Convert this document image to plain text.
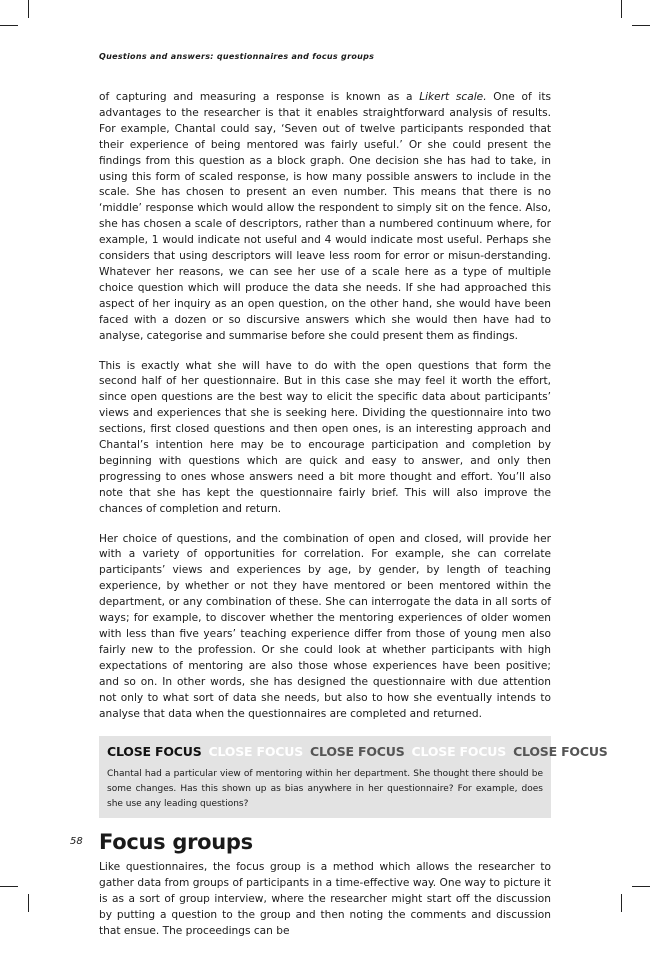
Questions and answers: questionnaires and focus groups

of capturing and measuring a response is known as a Likert scale. One of its advantages to the researcher is that it enables straightforward analysis of results. For example, Chantal could say, ‘Seven out of twelve participants responded that their experience of being mentored was fairly useful.’ Or she could present the findings from this question as a block graph. One decision she has had to take, in using this form of scaled response, is how many possible answers to include in the scale. She has chosen to present an even number. This means that there is no ‘middle’ response which would allow the respondent to simply sit on the fence. Also, she has chosen a scale of descriptors, rather than a numbered continuum where, for example, 1 would indicate not useful and 4 would indicate most useful. Perhaps she considers that using descriptors will leave less room for error or misun-derstanding. Whatever her reasons, we can see her use of a scale here as a type of multiple choice question which will produce the data she needs. If she had approached this aspect of her inquiry as an open question, on the other hand, she would have been faced with a dozen or so discursive answers which she would then have had to analyse, categorise and summarise before she could present them as findings.

This is exactly what she will have to do with the open questions that form the second half of her questionnaire. But in this case she may feel it worth the effort, since open questions are the best way to elicit the specific data about participants’ views and experiences that she is seeking here. Dividing the questionnaire into two sections, first closed questions and then open ones, is an interesting approach and Chantal’s intention here may be to encourage participation and completion by beginning with questions which are quick and easy to answer, and only then progressing to ones whose answers need a bit more thought and effort. You’ll also note that she has kept the questionnaire fairly brief. This will also improve the chances of completion and return.

Her choice of questions, and the combination of open and closed, will provide her with a variety of opportunities for correlation. For example, she can correlate participants’ views and experiences by age, by gender, by length of teaching experience, by whether or not they have mentored or been mentored within the department, or any combination of these. She can interrogate the data in all sorts of ways; for example, to discover whether the mentoring experiences of older women with less than five years’ teaching experience differ from those of young men also fairly new to the profession. Or she could look at whether participants with high expectations of mentoring are also those whose experiences have been positive; and so on. In other words, she has designed the questionnaire with due attention not only to what sort of data she needs, but also to how she eventually intends to analyse that data when the questionnaires are completed and returned.

CLOSE FOCUS CLOSE FOCUS CLOSE FOCUS CLOSE FOCUS CLOSE FOCUS
Chantal had a particular view of mentoring within her department. She thought there should be some changes. Has this shown up as bias anywhere in her questionnaire? For example, does she use any leading questions?
Focus groups

Like questionnaires, the focus group is a method which allows the researcher to gather data from groups of participants in a time-effective way. One way to picture it is as a sort of group interview, where the researcher might start off the discussion by putting a question to the group and then noting the comments and discussion that ensue. The proceedings can be

58
